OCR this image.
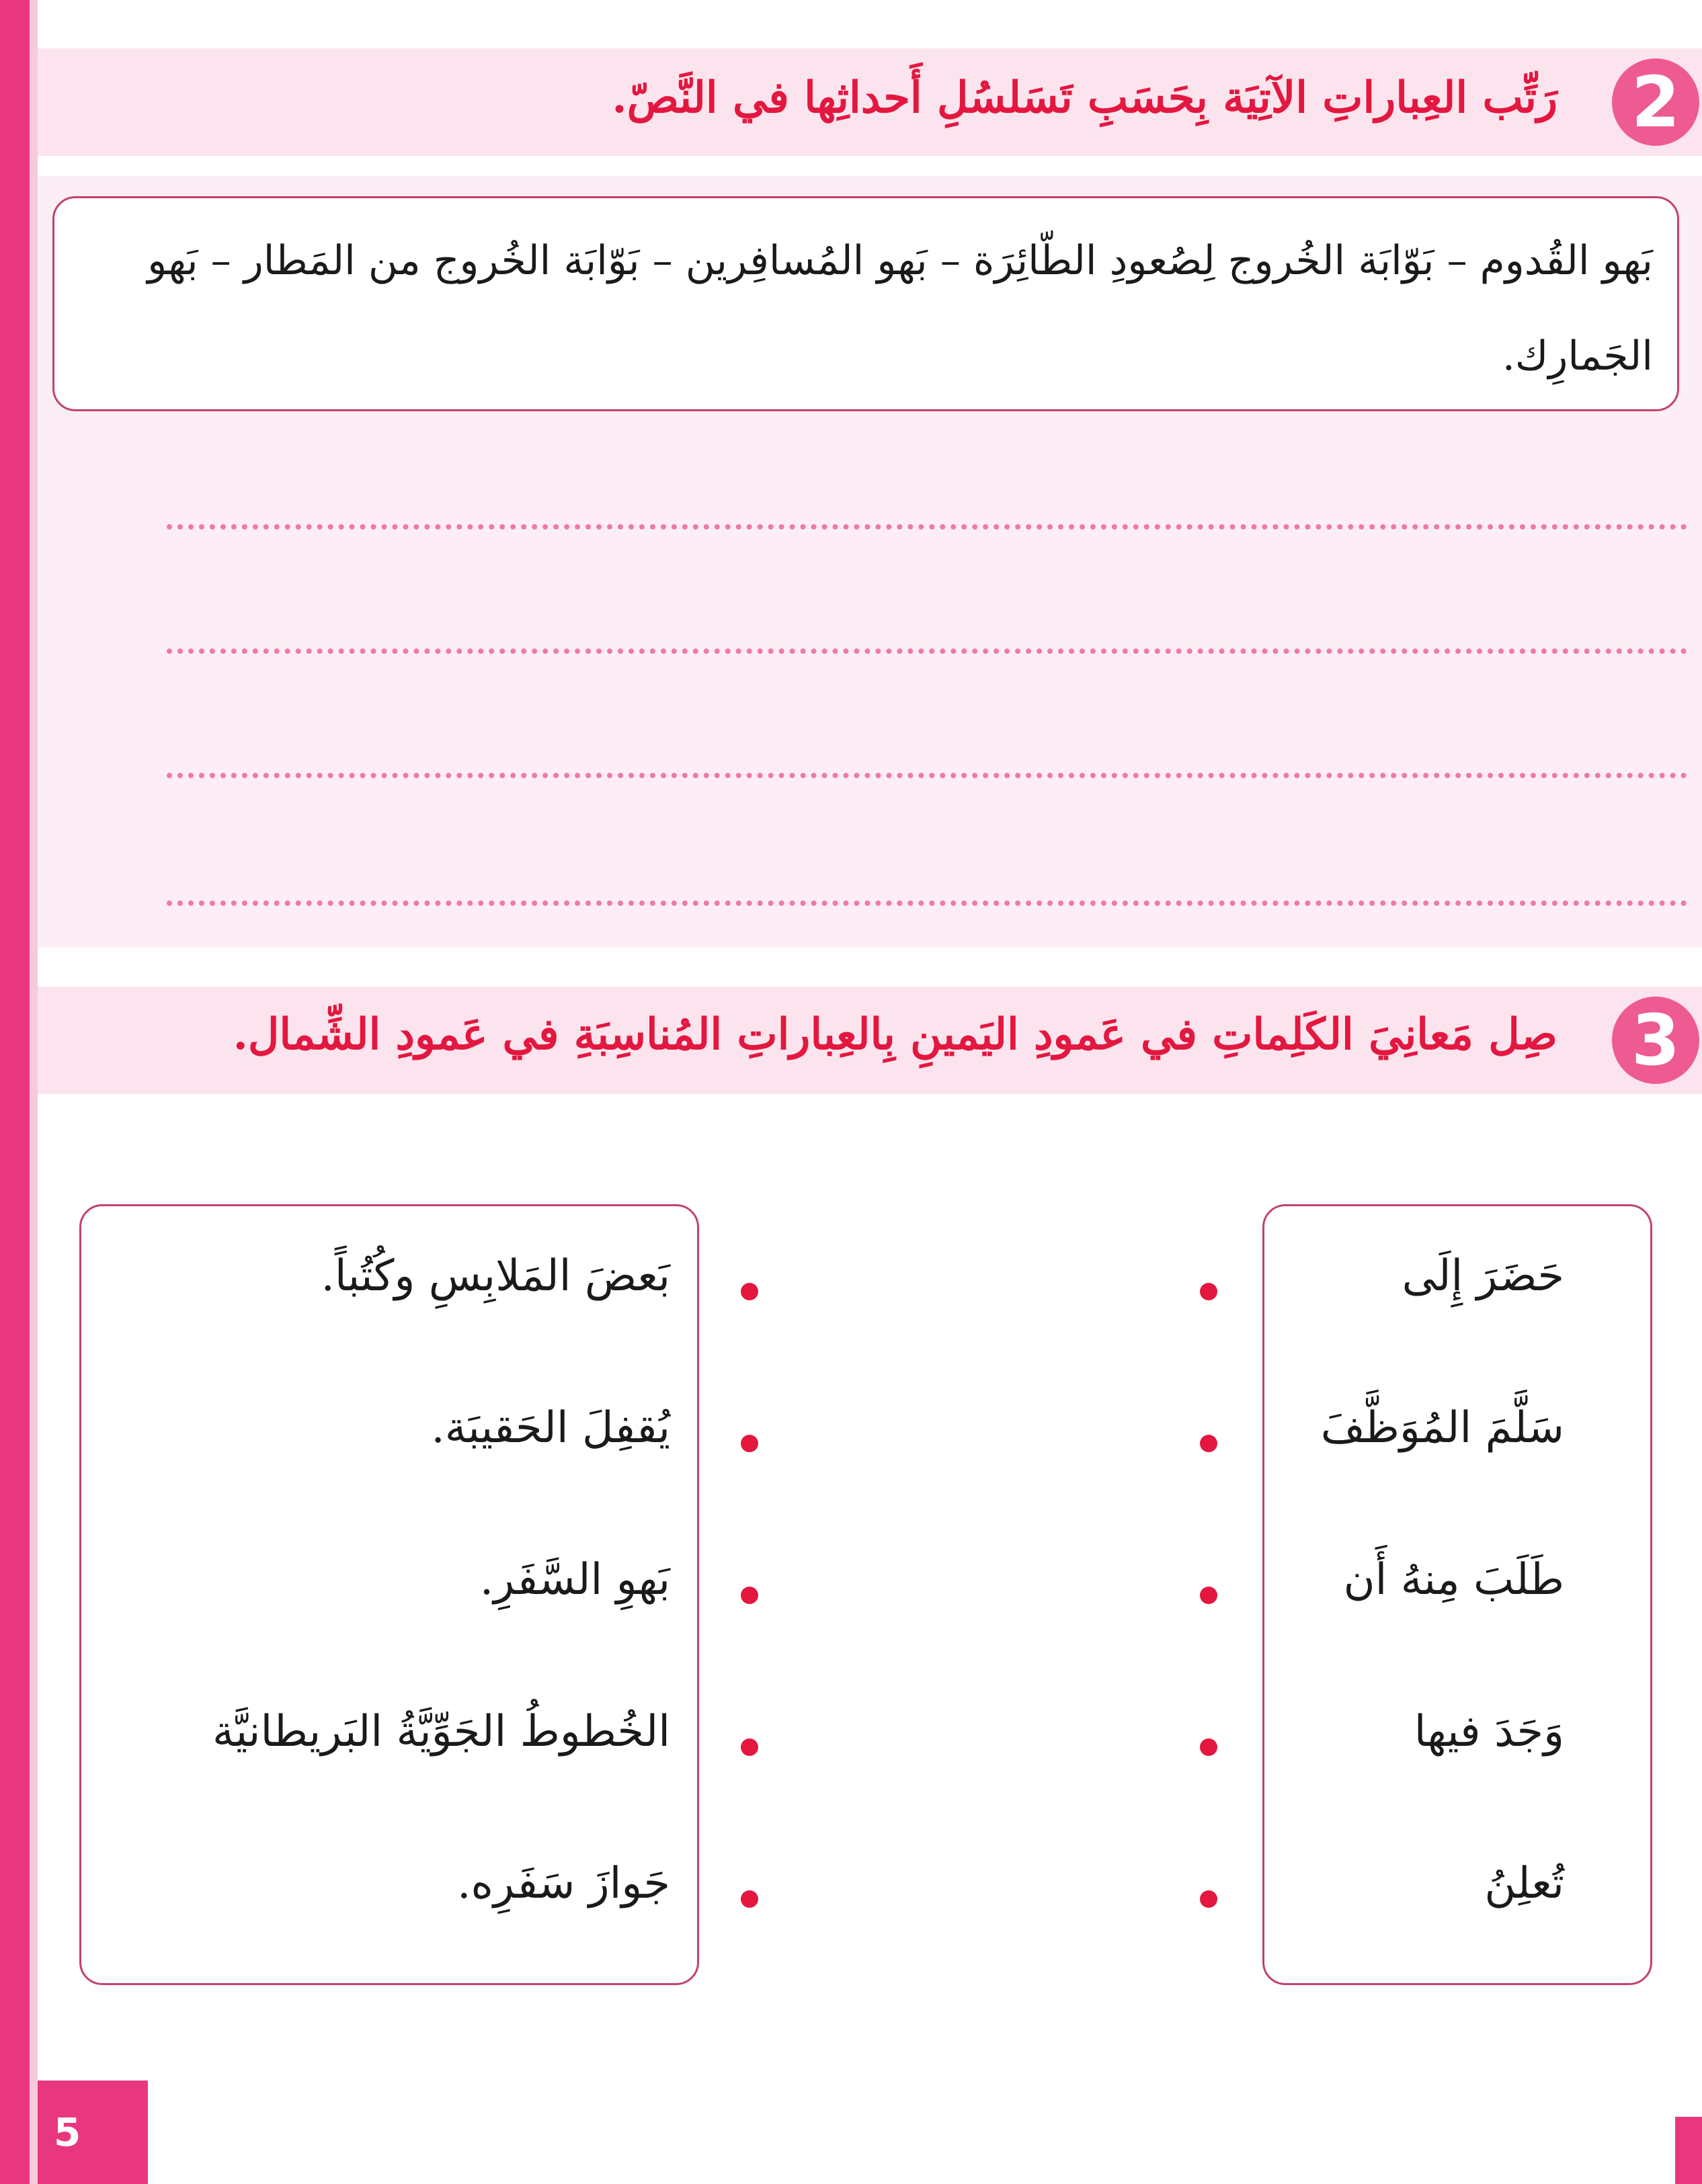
2
رَتِّب العِباراتِ الآتِيَة بِحَسَبِ تَسَلسُلِ أَحداثِها في النَّصّ.
بَهو القُدوم – بَوّابَة الخُروج لِصُعودِ الطّائِرَة – بَهو المُسافِرين – بَوّابَة الخُروج من المَطار – بَهو الجَمارِك.
3
صِل مَعانِيَ الكَلِماتِ في عَمودِ اليَمينِ بِالعِباراتِ المُناسِبَةِ في عَمودِ الشِّمال.
حَضَرَ إِلَى
سَلَّمَ المُوَظَّفَ
طَلَبَ مِنهُ أَن
وَجَدَ فيها
تُعلِنُ
بَعضَ المَلابِسِ وكُتُباً.
يُقفِلَ الحَقيبَة.
بَهوِ السَّفَرِ.
الخُطوطُ الجَوِّيَّةُ البَريطانيَّة
جَوازَ سَفَرِه.
5
